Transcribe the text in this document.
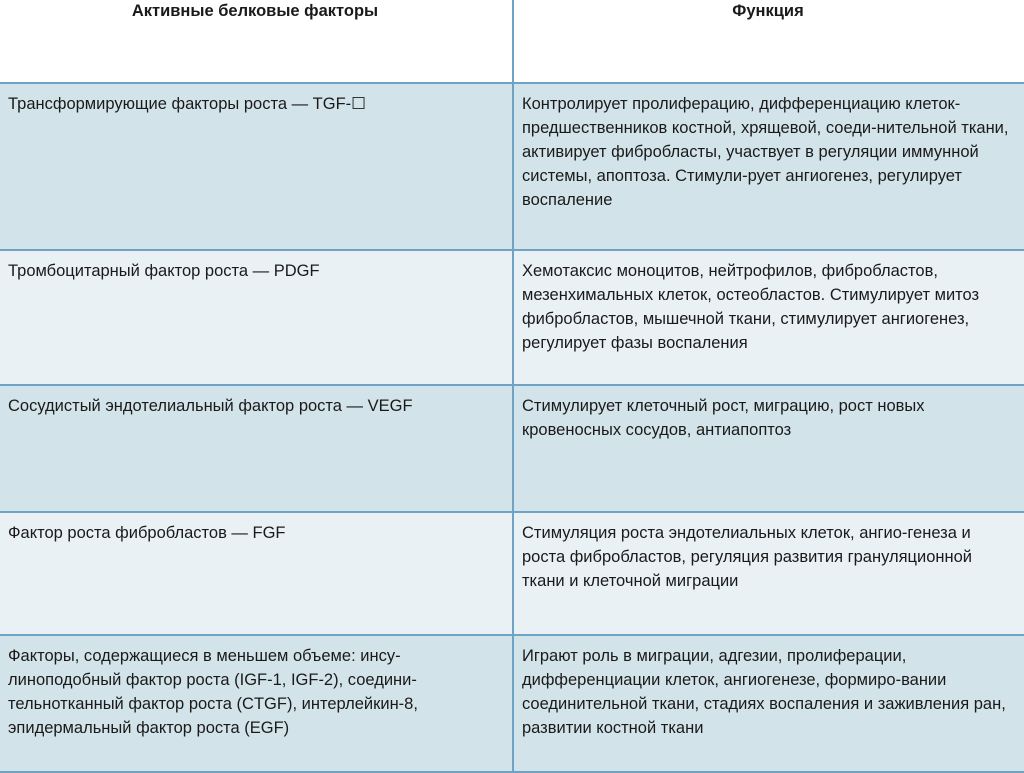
Активные белковые факторы	Функция
Трансформирующие факторы роста — TGF-☐	Контролирует пролиферацию, дифференциацию клеток-предшественников костной, хрящевой, соеди-нительной ткани, активирует фибробласты, участвует в регуляции иммунной системы, апоптоза. Стимули-рует ангиогенез, регулирует воспаление
Тромбоцитарный фактор роста — PDGF	Хемотаксис моноцитов, нейтрофилов, фибробластов, мезенхимальных клеток, остеобластов. Стимулирует митоз фибробластов, мышечной ткани, стимулирует ангиогенез, регулирует фазы воспаления
Сосудистый эндотелиальный фактор роста — VEGF	Стимулирует клеточный рост, миграцию, рост новых кровеносных сосудов, антиапоптоз
Фактор роста фибробластов — FGF	Стимуляция роста эндотелиальных клеток, ангио-генеза и роста фибробластов, регуляция развития грануляционной ткани и клеточной миграции
Факторы, содержащиеся в меньшем объеме: инсу-линоподобный фактор роста (IGF-1, IGF-2), соедини-тельнотканный фактор роста (CTGF), интерлейкин-8, эпидермальный фактор роста (EGF)	Играют роль в миграции, адгезии, пролиферации, дифференциации клеток, ангиогенезе, формиро-вании соединительной ткани, стадиях воспаления и заживления ран, развитии костной ткани
